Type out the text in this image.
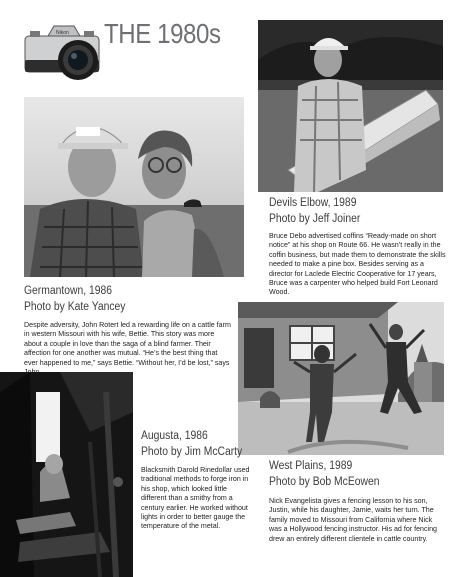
Nikon THE 1980s
Devils Elbow, 1989
Photo by Jeff Joiner
Bruce Debo advertised coffins “Ready-made on short notice” at his shop on Route 66. He wasn’t really in the coffin business, but made them to demonstrate the skills needed to make a pine box. Besides serving as a director for Laclede Electric Cooperative for 17 years, Bruce was a carpenter who helped build Fort Leonard Wood.
Germantown, 1986
Photo by Kate Yancey
Despite adversity, John Rotert led a rewarding life on a cattle farm in western Missouri with his wife, Bettie. This story was more about a couple in love than the saga of a blind farmer. Their affection for one another was mutual. “He’s the best thing that ever happened to me,” says Bettie. “Without her, I’d be lost,” says
West Plains, 1989
Photo by Bob McEowen
Nick Evangelista gives a fencing lesson to his son, Justin, while his daughter, Jamie, waits her turn. The family moved to Missouri from California where Nick was a Hollywood fencing instructor. His ad for fencing drew an entirely different clientele in cattle country.
Augusta, 1986
Photo by Jim McCarty
Blacksmith Darold Rinedollar used traditional methods to forge iron in his shop, which looked little different than a smithy from a century earlier. He worked without lights in order to better gauge the temperature of the metal.
